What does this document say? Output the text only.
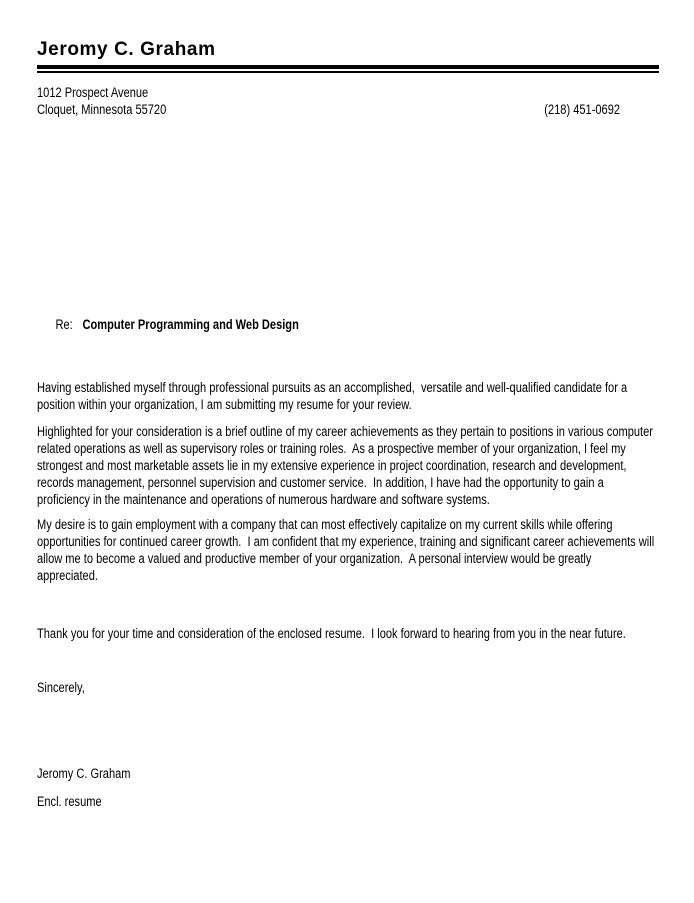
Jeromy C. Graham
1012 Prospect Avenue
Cloquet, Minnesota 55720	(218) 451-0692

Re: Computer Programming and Web Design

Having established myself through professional pursuits as an accomplished,  versatile and well-qualified candidate for a position within your organization, I am submitting my resume for your review.

Highlighted for your consideration is a brief outline of my career achievements as they pertain to positions in various computer related operations as well as supervisory roles or training roles.  As a prospective member of your organization, I feel my strongest and most marketable assets lie in my extensive experience in project coordination, research and development, records management, personnel supervision and customer service.  In addition, I have had the opportunity to gain a proficiency in the maintenance and operations of numerous hardware and software systems.

My desire is to gain employment with a company that can most effectively capitalize on my current skills while offering opportunities for continued career growth.  I am confident that my experience, training and significant career achievements will allow me to become a valued and productive member of your organization.  A personal interview would be greatly appreciated.

Thank you for your time and consideration of the enclosed resume.  I look forward to hearing from you in the near future.

Sincerely,
Jeromy C. Graham
Encl. resume
